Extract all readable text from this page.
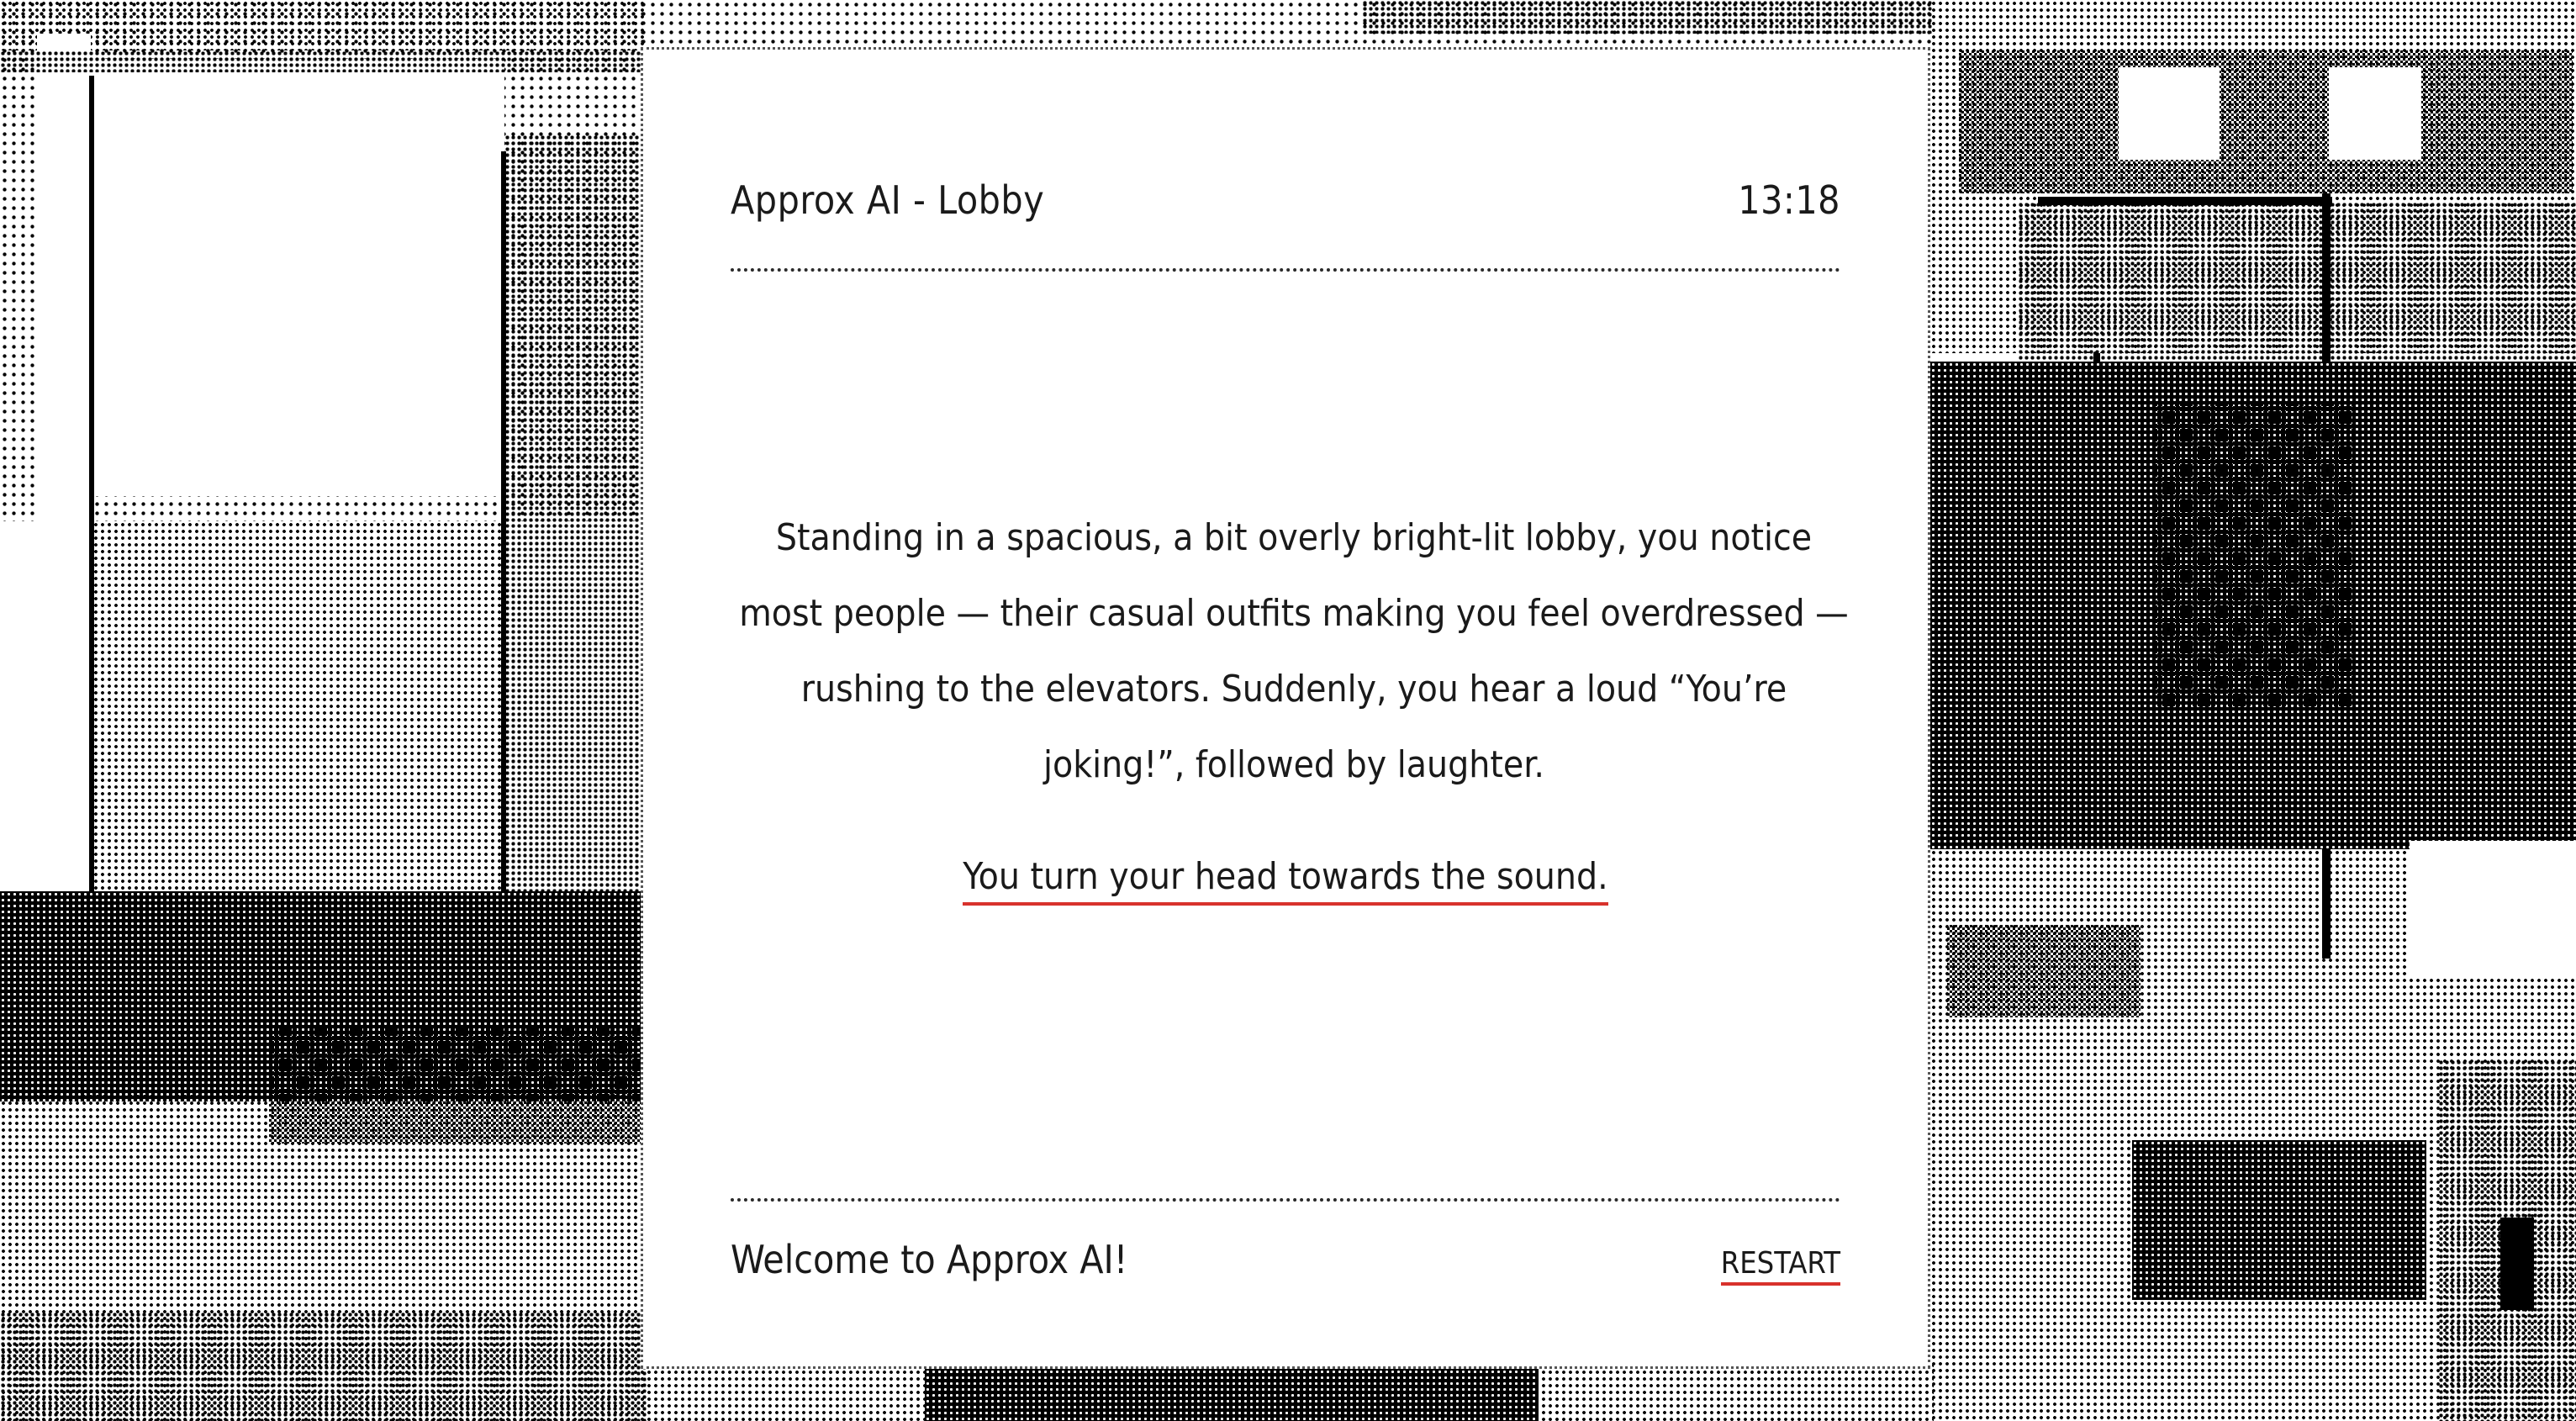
Approx AI - Lobby	13:18
Standing in a spacious, a bit overly bright-lit lobby, you notice most people — their casual outfits making you feel overdressed — rushing to the elevators. Suddenly, you hear a loud “You’re joking!”, followed by laughter.
You turn your head towards the sound.
Welcome to Approx AI!	RESTART
